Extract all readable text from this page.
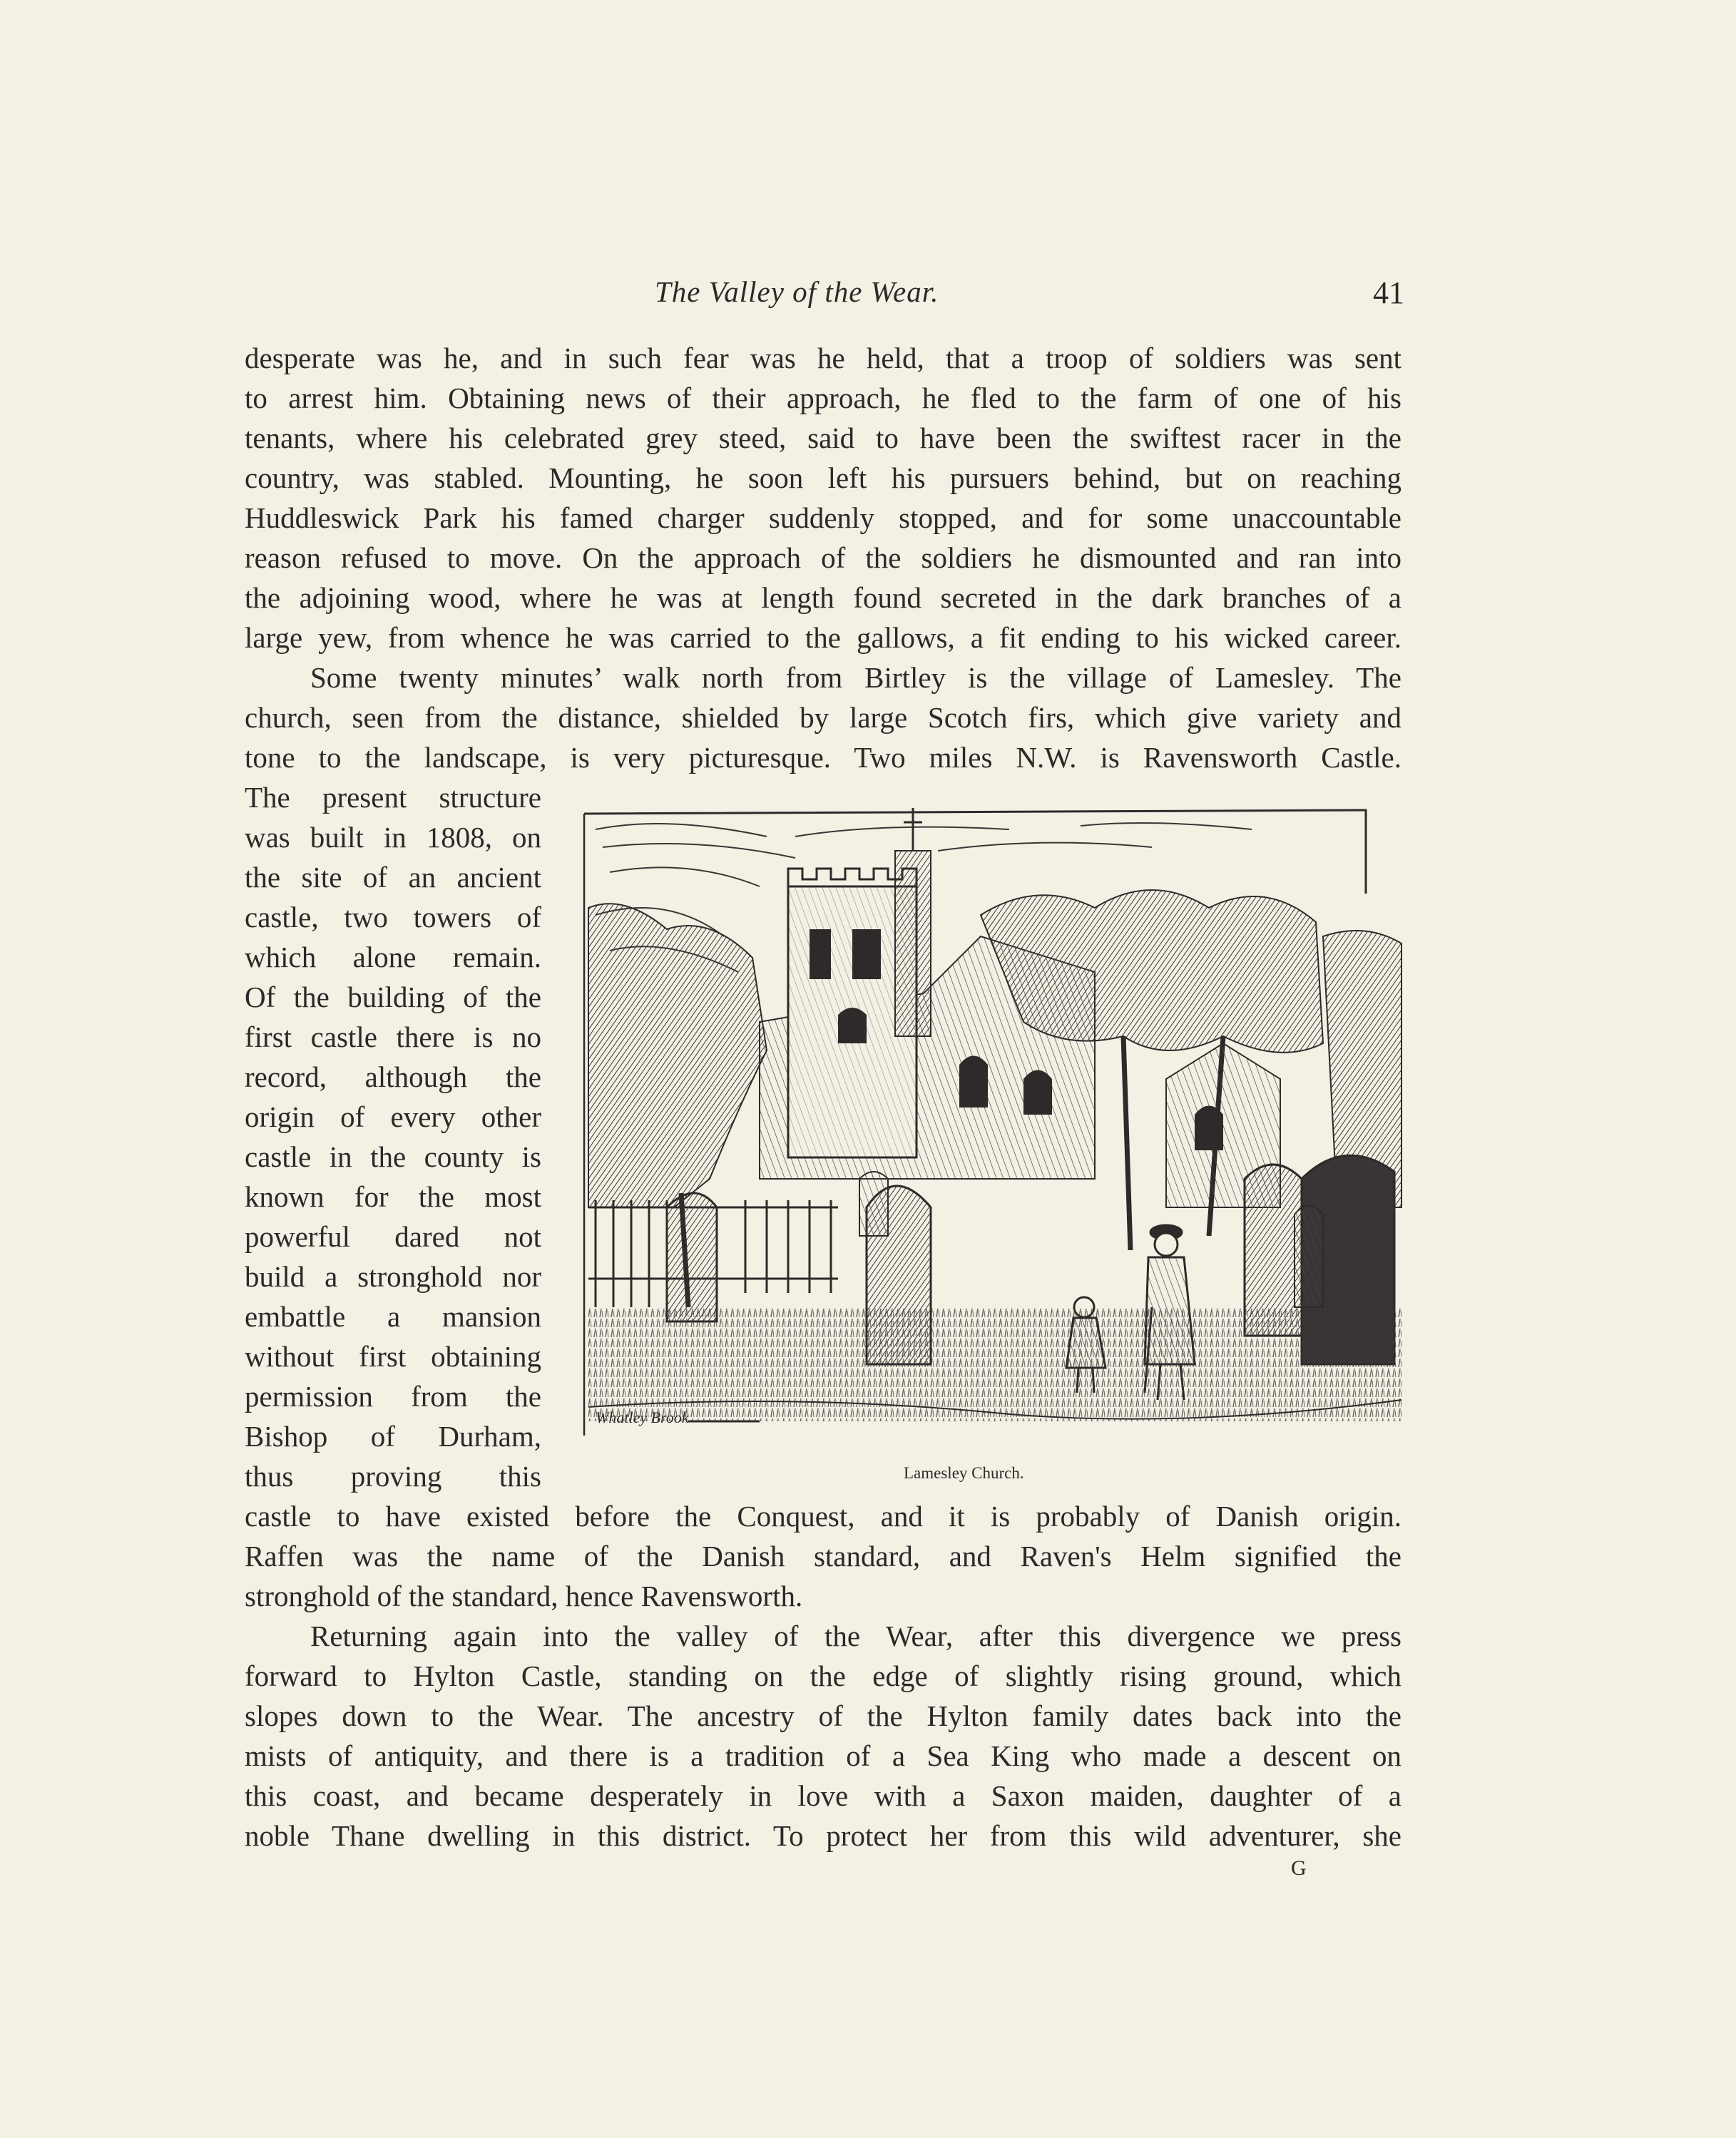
The Valley of the Wear.	41
desperate was he, and in such fear was he held, that a troop of soldiers was sent
to arrest him. Obtaining news of their approach, he fled to the farm of one of his
tenants, where his celebrated grey steed, said to have been the swiftest racer in the
country, was stabled. Mounting, he soon left his pursuers behind, but on reaching
Huddleswick Park his famed charger suddenly stopped, and for some unaccountable
reason refused to move. On the approach of the soldiers he dismounted and ran into
the adjoining wood, where he was at length found secreted in the dark branches of a
large yew, from whence he was carried to the gallows, a fit ending to his wicked career.
Some twenty minutes’ walk north from Birtley is the village of Lamesley. The
church, seen from the distance, shielded by large Scotch firs, which give variety and
tone to the landscape, is very picturesque. Two miles N.W. is Ravensworth Castle.
The present structure
was built in 1808, on
the site of an ancient
castle, two towers of
which alone remain.
Of the building of the
first castle there is no
record, although the
origin of every other
castle in the county is
known for the most
powerful dared not
build a stronghold nor
embattle a mansion
without first obtaining
permission from the
Bishop of Durham,
thus proving this
castle to have existed before the Conquest, and it is probably of Danish origin.
Raffen was the name of the Danish standard, and Raven's Helm signified the
stronghold of the standard, hence Ravensworth.
Returning again into the valley of the Wear, after this divergence we press
forward to Hylton Castle, standing on the edge of slightly rising ground, which
slopes down to the Wear. The ancestry of the Hylton family dates back into the
mists of antiquity, and there is a tradition of a Sea King who made a descent on
this coast, and became desperately in love with a Saxon maiden, daughter of a
noble Thane dwelling in this district. To protect her from this wild adventurer, she
Whatley Brook
Lamesley Church.
G
